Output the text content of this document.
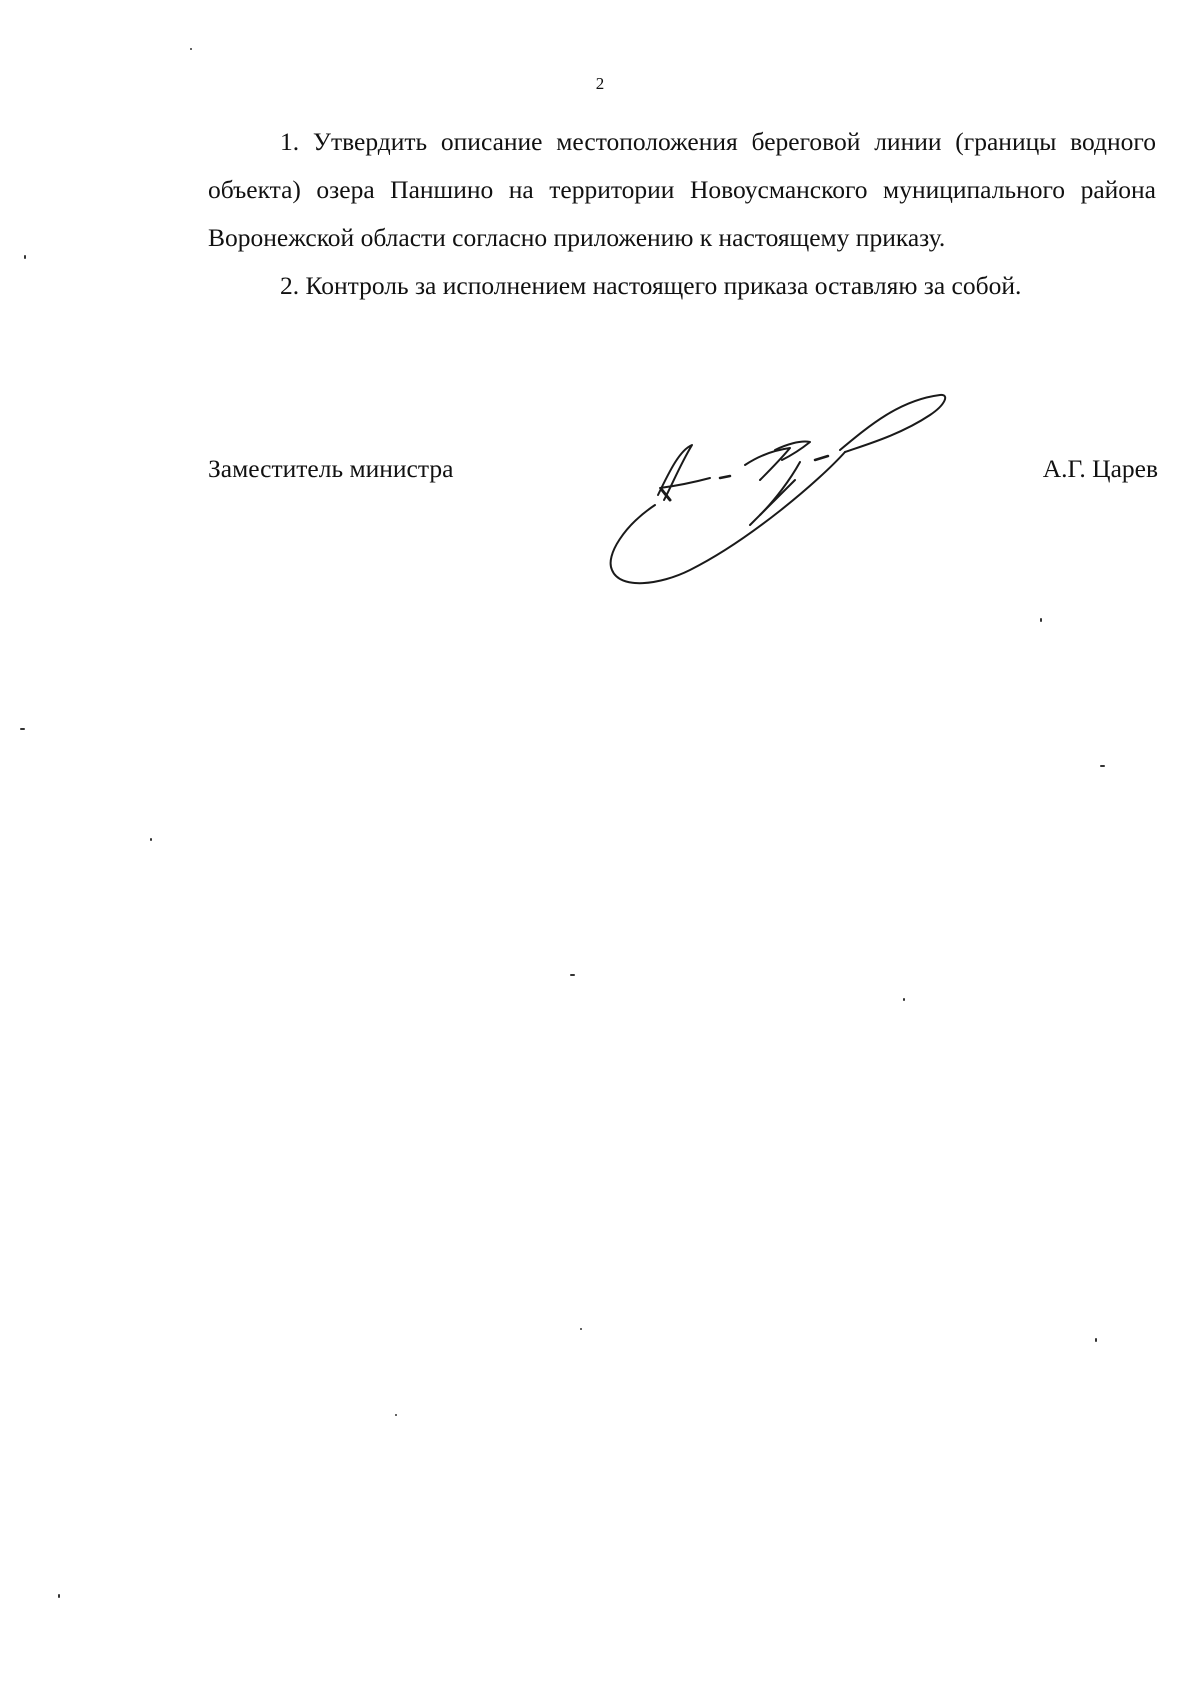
2

1. Утвердить описание местоположения береговой линии (границы водного объекта) озера Паншино на территории Новоусманского муниципального района Воронежской области согласно приложению к настоящему приказу.

2. Контроль за исполнением настоящего приказа оставляю за собой.

Заместитель министра	А.Г. Царев
